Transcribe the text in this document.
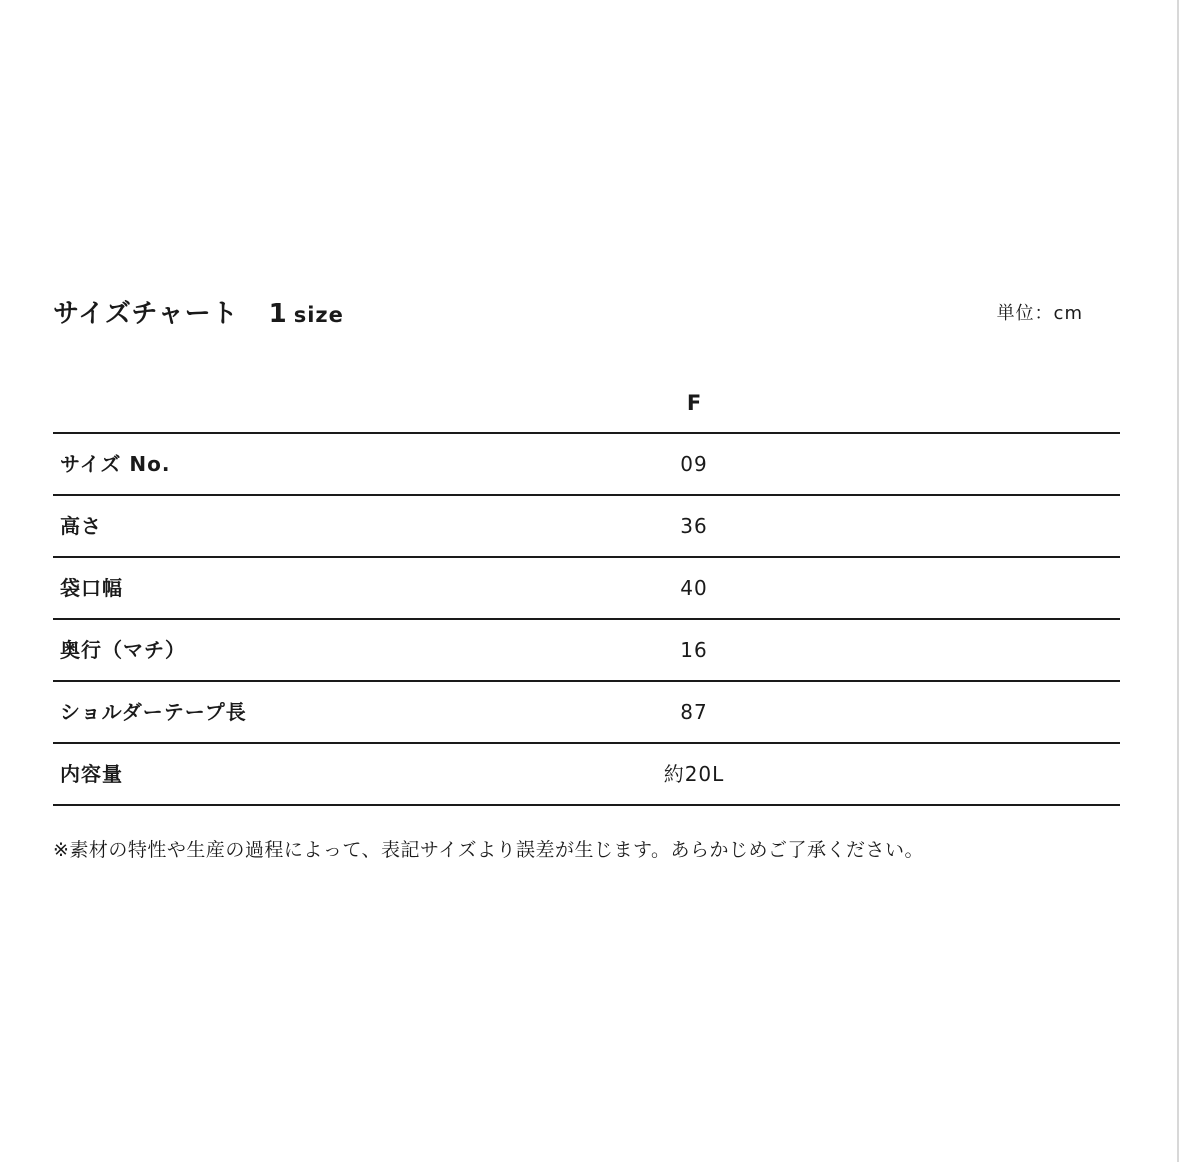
サイズチャート 1 size	単位：cm
F
サイズ No.	09
高さ	36
袋口幅	40
奥行（マチ）	16
ショルダーテープ長	87
内容量	約20L
※素材の特性や生産の過程によって、表記サイズより誤差が生じます。あらかじめご了承ください。
